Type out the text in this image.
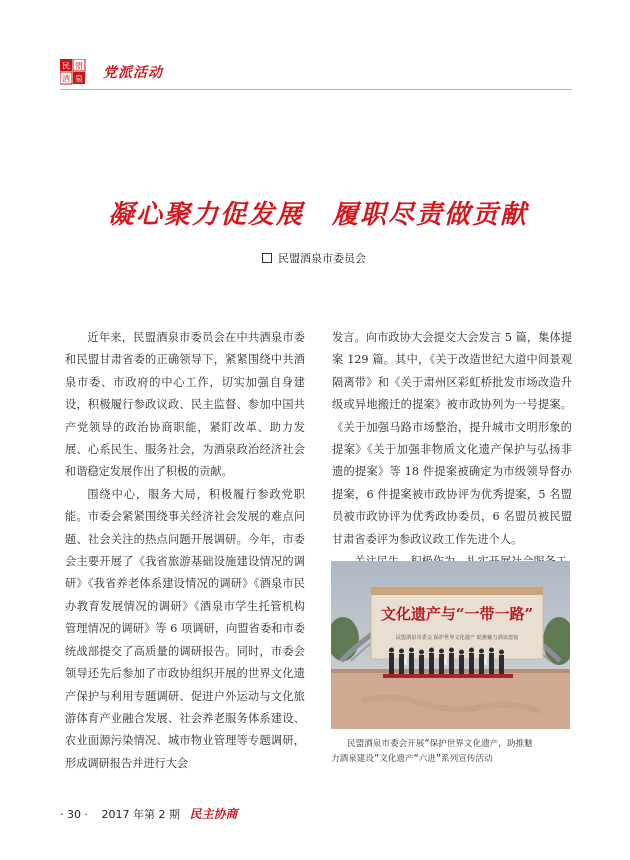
民 盟
酒 泉 党派活动
凝心聚力促发展 履职尽责做贡献
民盟酒泉市委员会

近年来，民盟酒泉市委员会在中共酒泉市委和民盟甘肃省委的正确领导下，紧紧围绕中共酒泉市委、市政府的中心工作，切实加强自身建设，积极履行参政议政、民主监督、参加中国共产党领导的政治协商职能，紧盯改革、助力发展、心系民生、服务社会，为酒泉政治经济社会和谐稳定发展作出了积极的贡献。

围绕中心，服务大局，积极履行参政党职能。市委会紧紧围绕事关经济社会发展的难点问题、社会关注的热点问题开展调研。今年，市委会主要开展了《我省旅游基础设施建设情况的调研》《我省养老体系建设情况的调研》《酒泉市民办教育发展情况的调研》《酒泉市学生托管机构管理情况的调研》等 6 项调研，向盟省委和市委统战部提交了高质量的调研报告。同时，市委会领导还先后参加了市政协组织开展的世界文化遗产保护与利用专题调研、促进户外运动与文化旅游体育产业融合发展、社会养老服务体系建设、农业面源污染情况、城市物业管理等专题调研，形成调研报告并进行大会

发言。向市政协大会提交大会发言 5 篇，集体提案 129 篇。其中，《关于改造世纪大道中间景观隔离带》和《关于肃州区彩虹桥批发市场改造升级或异地搬迁的提案》被市政协列为一号提案。《关于加强马路市场整治，提升城市文明形象的提案》《关于加强非物质文化遗产保护与弘扬非遗的提案》等 18 件提案被确定为市级领导督办提案，6 件提案被市政协评为优秀提案，5 名盟员被市政协评为优秀政协委员，6 名盟员被民盟甘肃省委评为参政议政工作先进个人。

文化遗产与“一带一路”
民盟酒泉市委会 保护世界文化遗产 助推魅力酒泉建设
民盟酒泉市委会开展“保护世界文化遗产，助推魅
力酒泉建设”文化遗产“六进”系列宣传活动
· 30 · 2017 年第 2 期 民主协商
